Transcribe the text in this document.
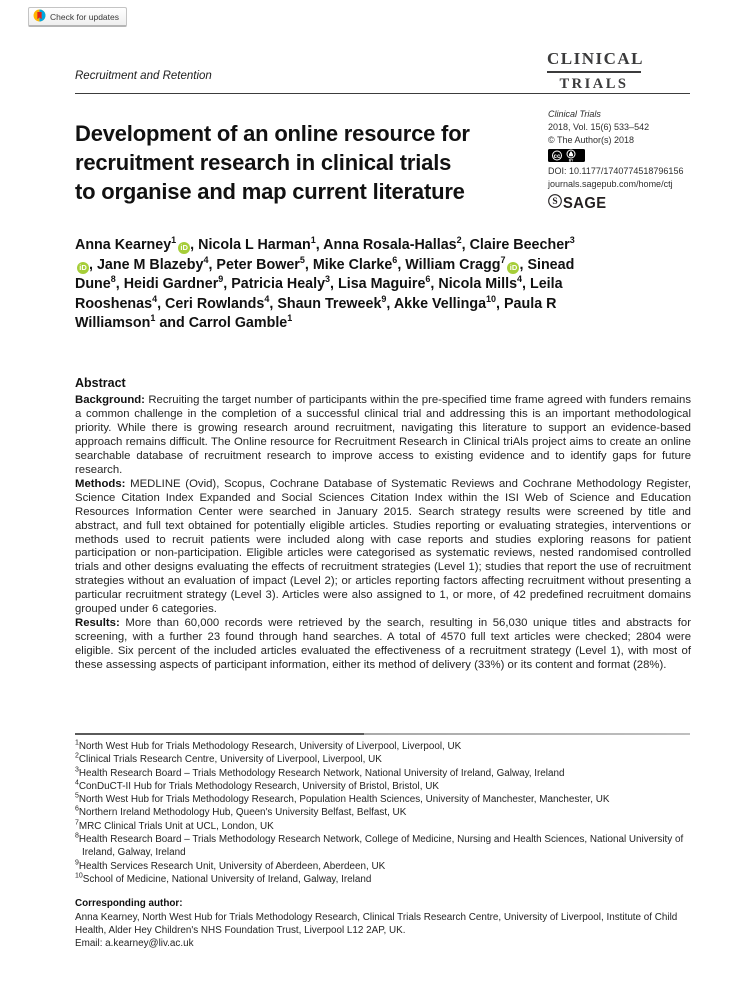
Check for updates
Recruitment and Retention
CLINICAL
TRIALS
Clinical Trials
2018, Vol. 15(6) 533–542
© The Author(s) 2018
cc
BY
DOI: 10.1177/1740774518796156
journals.sagepub.com/home/ctj
S SAGE
Development of an online resource for
recruitment research in clinical trials
to organise and map current literature
Anna Kearney$^1$iD , Nicola L Harman$^1$, Anna Rosala-Hallas$^2$, Claire Beecher$^3$iD , Jane M Blazeby$^4$, Peter Bower$^5$, Mike Clarke$^6$, William Cragg$^7$iD , Sinead Dune$^8$, Heidi Gardner$^9$, Patricia Healy$^3$, Lisa Maguire$^6$, Nicola Mills$^4$, Leila Rooshenas$^4$, Ceri Rowlands$^4$, Shaun Treweek$^9$, Akke Vellinga$^{10}$, Paula R Williamson$^1$ and Carrol Gamble$^1$
Abstract

Background: Recruiting the target number of participants within the pre-specified time frame agreed with funders remains a common challenge in the completion of a successful clinical trial and addressing this is an important methodological priority. While there is growing research around recruitment, navigating this literature to support an evidence-based approach remains difficult. The Online resource for Recruitment Research in Clinical triAls project aims to create an online searchable database of recruitment research to improve access to existing evidence and to identify gaps for future research.

Methods: MEDLINE (Ovid), Scopus, Cochrane Database of Systematic Reviews and Cochrane Methodology Register, Science Citation Index Expanded and Social Sciences Citation Index within the ISI Web of Science and Education Resources Information Center were searched in January 2015. Search strategy results were screened by title and abstract, and full text obtained for potentially eligible articles. Studies reporting or evaluating strategies, interventions or methods used to recruit patients were included along with case reports and studies exploring reasons for patient participation or non-participation. Eligible articles were categorised as systematic reviews, nested randomised controlled trials and other designs evaluating the effects of recruitment strategies (Level 1); studies that report the use of recruitment strategies without an evaluation of impact (Level 2); or articles reporting factors affecting recruitment without presenting a particular recruitment strategy (Level 3). Articles were also assigned to 1, or more, of 42 predefined recruitment domains grouped under 6 categories.

Results: More than 60,000 records were retrieved by the search, resulting in 56,030 unique titles and abstracts for screening, with a further 23 found through hand searches. A total of 4570 full text articles were checked; 2804 were eligible. Six percent of the included articles evaluated the effectiveness of a recruitment strategy (Level 1), with most of these assessing aspects of participant information, either its method of delivery (33%) or its content and format (28%).

$^1$North West Hub for Trials Methodology Research, University of Liverpool, Liverpool, UK
$^2$Clinical Trials Research Centre, University of Liverpool, Liverpool, UK
$^3$Health Research Board – Trials Methodology Research Network, National University of Ireland, Galway, Ireland
$^4$ConDuCT-II Hub for Trials Methodology Research, University of Bristol, Bristol, UK
$^5$North West Hub for Trials Methodology Research, Population Health Sciences, University of Manchester, Manchester, UK
$^6$Northern Ireland Methodology Hub, Queen's University Belfast, Belfast, UK
$^7$MRC Clinical Trials Unit at UCL, London, UK
$^8$Health Research Board – Trials Methodology Research Network, College of Medicine, Nursing and Health Sciences, National University of Ireland, Galway, Ireland
$^9$Health Services Research Unit, University of Aberdeen, Aberdeen, UK
$^{10}$School of Medicine, National University of Ireland, Galway, Ireland
Corresponding author:
Anna Kearney, North West Hub for Trials Methodology Research, Clinical Trials Research Centre, University of Liverpool, Institute of Child Health, Alder Hey Children's NHS Foundation Trust, Liverpool L12 2AP, UK.
Email: a.kearney@liv.ac.uk
